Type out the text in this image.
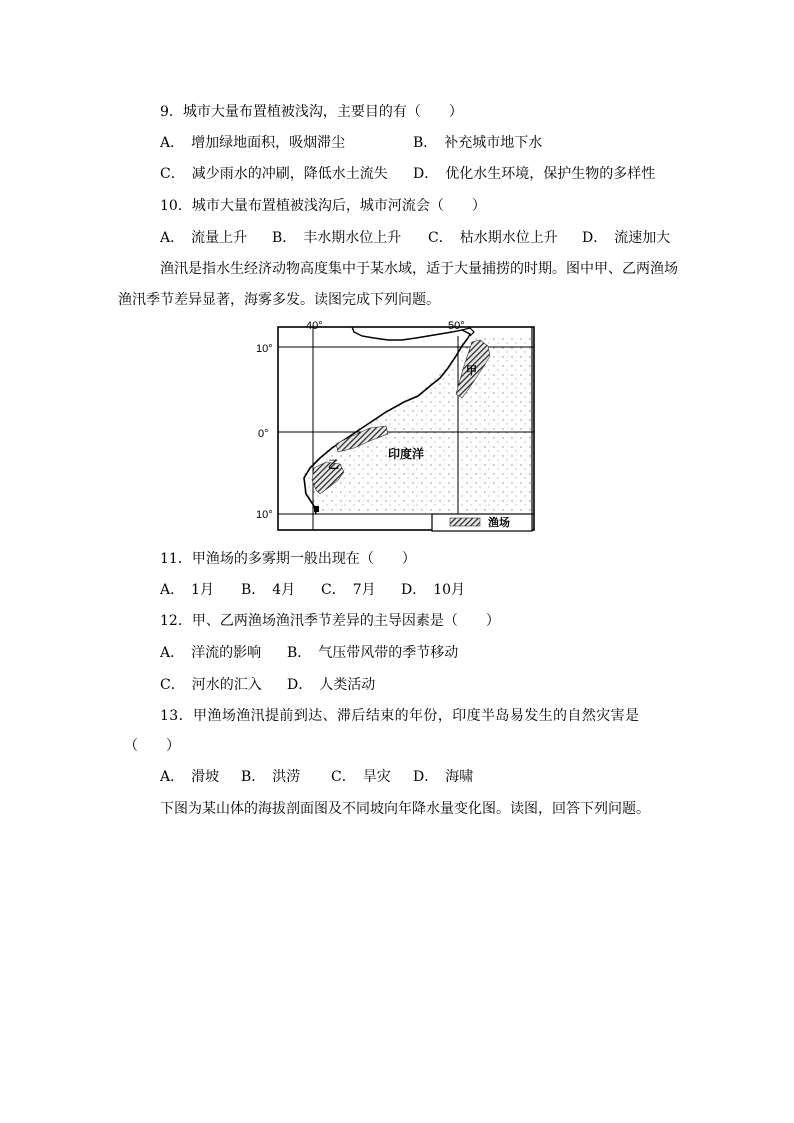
9．城市大量布置植被浅沟，主要目的有（　　）
A．　增加绿地面积，吸烟滞尘	B．　补充城市地下水
C．　减少雨水的冲刷，降低水土流失 D．　优化水生环境，保护生物的多样性
10．城市大量布置植被浅沟后，城市河流会（　　）
A．　流量上升 B．　丰水期水位上升 C．　枯水期水位上升 D．　流速加大
渔汛是指水生经济动物高度集中于某水域，适于大量捕捞的时期。图中甲、乙两渔场
渔汛季节差异显著，海雾多发。读图完成下列问题。
40°	50°
10°
0°
10°
甲
乙
印度洋
渔场
11．甲渔场的多雾期一般出现在（　　）
A．　1月 B．　4月 C．　7月 D．　10月
12．甲、乙两渔场渔汛季节差异的主导因素是（　　）
A．　洋流的影响 B．　气压带风带的季节移动
C．　河水的汇入 D．　人类活动
13．甲渔场渔汛提前到达、滞后结束的年份，印度半岛易发生的自然灾害是
（　　）
A．　滑坡 B．　洪涝 C．　旱灾 D．　海啸
下图为某山体的海拔剖面图及不同坡向年降水量变化图。读图，回答下列问题。
